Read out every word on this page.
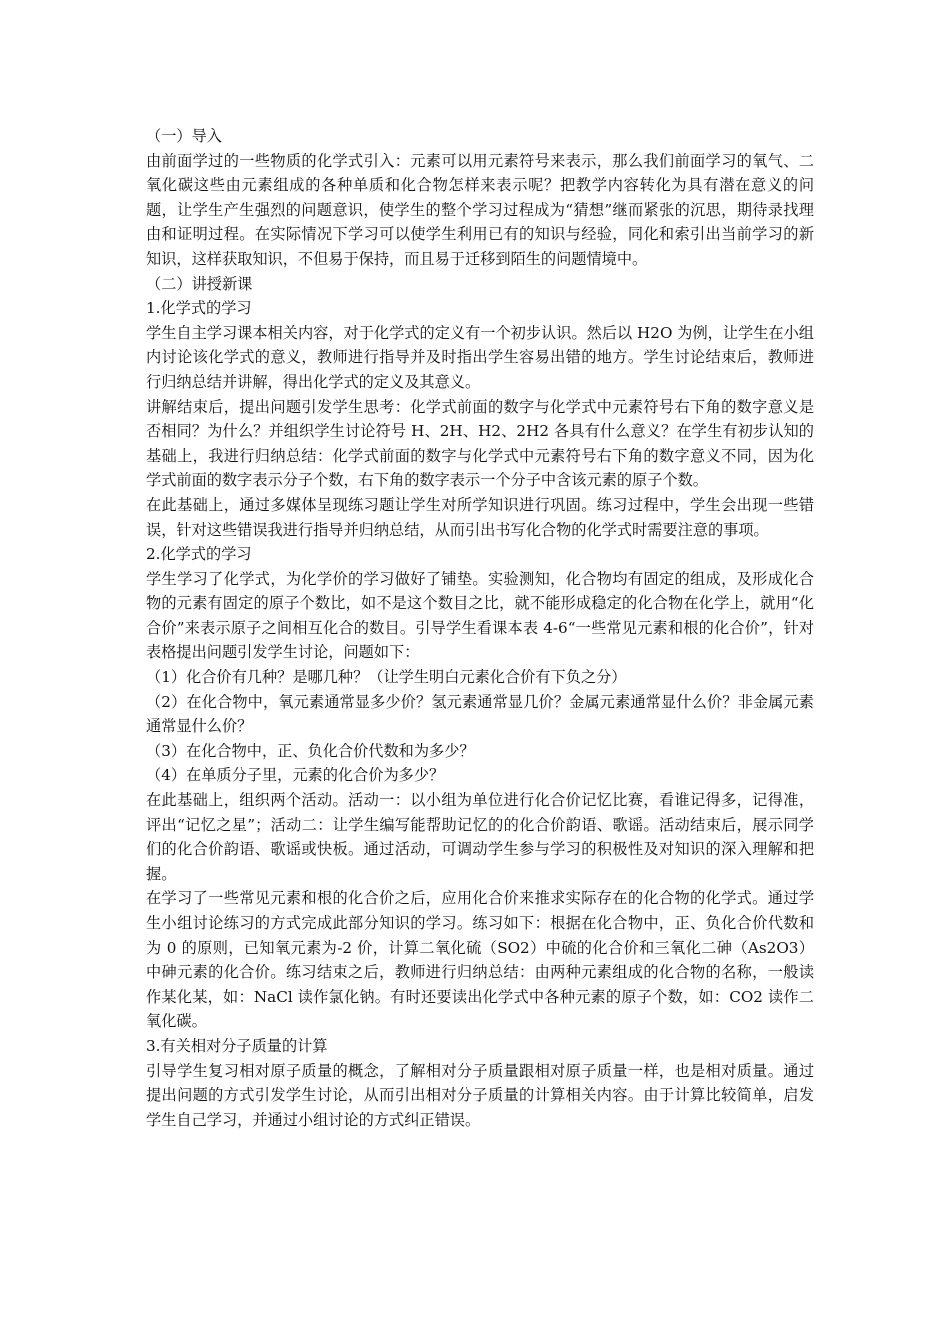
（一）导入
由前面学过的一些物质的化学式引入：元素可以用元素符号来表示，那么我们前面学习的氧气、二氧化碳这些由元素组成的各种单质和化合物怎样来表示呢？把教学内容转化为具有潜在意义的问题，让学生产生强烈的问题意识，使学生的整个学习过程成为“猜想”继而紧张的沉思，期待录找理由和证明过程。在实际情况下学习可以使学生利用已有的知识与经验，同化和索引出当前学习的新知识，这样获取知识，不但易于保持，而且易于迁移到陌生的问题情境中。
（二）讲授新课
1.化学式的学习
学生自主学习课本相关内容，对于化学式的定义有一个初步认识。然后以 H2O 为例，让学生在小组内讨论该化学式的意义，教师进行指导并及时指出学生容易出错的地方。学生讨论结束后，教师进行归纳总结并讲解，得出化学式的定义及其意义。
讲解结束后，提出问题引发学生思考：化学式前面的数字与化学式中元素符号右下角的数字意义是否相同？为什么？并组织学生讨论符号 H、2H、H2、2H2 各具有什么意义？在学生有初步认知的基础上，我进行归纳总结：化学式前面的数字与化学式中元素符号右下角的数字意义不同，因为化学式前面的数字表示分子个数，右下角的数字表示一个分子中含该元素的原子个数。
在此基础上，通过多媒体呈现练习题让学生对所学知识进行巩固。练习过程中，学生会出现一些错误，针对这些错误我进行指导并归纳总结，从而引出书写化合物的化学式时需要注意的事项。
2.化学式的学习
学生学习了化学式，为化学价的学习做好了铺垫。实验测知，化合物均有固定的组成，及形成化合物的元素有固定的原子个数比，如不是这个数目之比，就不能形成稳定的化合物在化学上，就用“化合价”来表示原子之间相互化合的数目。引导学生看课本表 4-6“一些常见元素和根的化合价”，针对表格提出问题引发学生讨论，问题如下：
（1）化合价有几种？是哪几种？（让学生明白元素化合价有下负之分）
（2）在化合物中，氧元素通常显多少价？氢元素通常显几价？金属元素通常显什么价？非金属元素通常显什么价？
（3）在化合物中，正、负化合价代数和为多少？
（4）在单质分子里，元素的化合价为多少？
在此基础上，组织两个活动。活动一：以小组为单位进行化合价记忆比赛，看谁记得多，记得准，评出“记忆之星”；活动二：让学生编写能帮助记忆的的化合价韵语、歌谣。活动结束后，展示同学们的化合价韵语、歌谣或快板。通过活动，可调动学生参与学习的积极性及对知识的深入理解和把握。
在学习了一些常见元素和根的化合价之后，应用化合价来推求实际存在的化合物的化学式。通过学生小组讨论练习的方式完成此部分知识的学习。练习如下：根据在化合物中，正、负化合价代数和为 0 的原则，已知氧元素为-2 价，计算二氧化硫（SO2）中硫的化合价和三氧化二砷（As2O3）中砷元素的化合价。练习结束之后，教师进行归纳总结：由两种元素组成的化合物的名称，一般读作某化某，如：NaCl 读作氯化钠。有时还要读出化学式中各种元素的原子个数，如：CO2 读作二氧化碳。
3.有关相对分子质量的计算
引导学生复习相对原子质量的概念，了解相对分子质量跟相对原子质量一样，也是相对质量。通过提出问题的方式引发学生讨论，从而引出相对分子质量的计算相关内容。由于计算比较简单，启发学生自己学习，并通过小组讨论的方式纠正错误。
